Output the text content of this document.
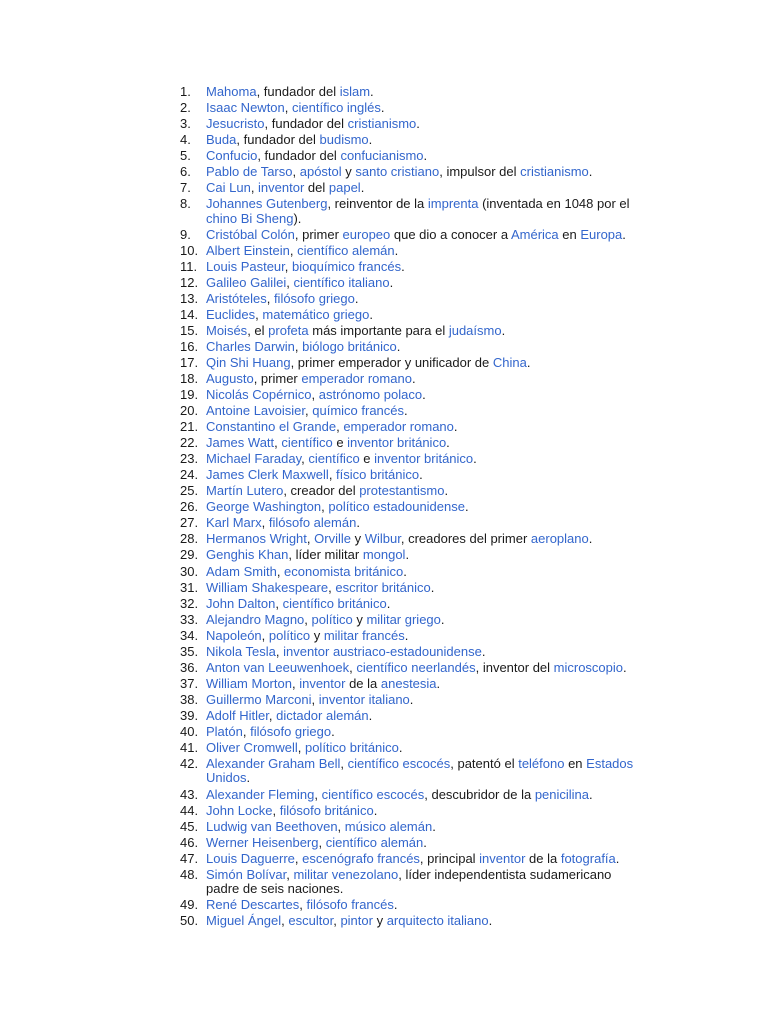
1.	Mahoma, fundador del islam.
2.	Isaac Newton, científico inglés.
3.	Jesucristo, fundador del cristianismo.
4.	Buda, fundador del budismo.
5.	Confucio, fundador del confucianismo.
6.	Pablo de Tarso, apóstol y santo cristiano, impulsor del cristianismo.
7.	Cai Lun, inventor del papel.
8.	Johannes Gutenberg, reinventor de la imprenta (inventada en 1048 por el chino Bi Sheng).
9.	Cristóbal Colón, primer europeo que dio a conocer a América en Europa.
10. Albert Einstein, científico alemán.
11. Louis Pasteur, bioquímico francés.
12. Galileo Galilei, científico italiano.
13. Aristóteles, filósofo griego.
14. Euclides, matemático griego.
15. Moisés, el profeta más importante para el judaísmo.
16. Charles Darwin, biólogo británico.
17. Qin Shi Huang, primer emperador y unificador de China.
18. Augusto, primer emperador romano.
19. Nicolás Copérnico, astrónomo polaco.
20. Antoine Lavoisier, químico francés.
21. Constantino el Grande, emperador romano.
22. James Watt, científico e inventor británico.
23. Michael Faraday, científico e inventor británico.
24. James Clerk Maxwell, físico británico.
25. Martín Lutero, creador del protestantismo.
26. George Washington, político estadounidense.
27. Karl Marx, filósofo alemán.
28. Hermanos Wright, Orville y Wilbur, creadores del primer aeroplano.
29. Genghis Khan, líder militar mongol.
30. Adam Smith, economista británico.
31. William Shakespeare, escritor británico.
32. John Dalton, científico británico.
33. Alejandro Magno, político y militar griego.
34. Napoleón, político y militar francés.
35. Nikola Tesla, inventor austriaco-estadounidense.
36. Anton van Leeuwenhoek, científico neerlandés, inventor del microscopio.
37. William Morton, inventor de la anestesia.
38. Guillermo Marconi, inventor italiano.
39. Adolf Hitler, dictador alemán.
40. Platón, filósofo griego.
41. Oliver Cromwell, político británico.
42. Alexander Graham Bell, científico escocés, patentó el teléfono en Estados Unidos.
43. Alexander Fleming, científico escocés, descubridor de la penicilina.
44. John Locke, filósofo británico.
45. Ludwig van Beethoven, músico alemán.
46. Werner Heisenberg, científico alemán.
47. Louis Daguerre, escenógrafo francés, principal inventor de la fotografía.
48. Simón Bolívar, militar venezolano, líder independentista sudamericano padre de seis naciones.
49. René Descartes, filósofo francés.
50. Miguel Ángel, escultor, pintor y arquitecto italiano.
